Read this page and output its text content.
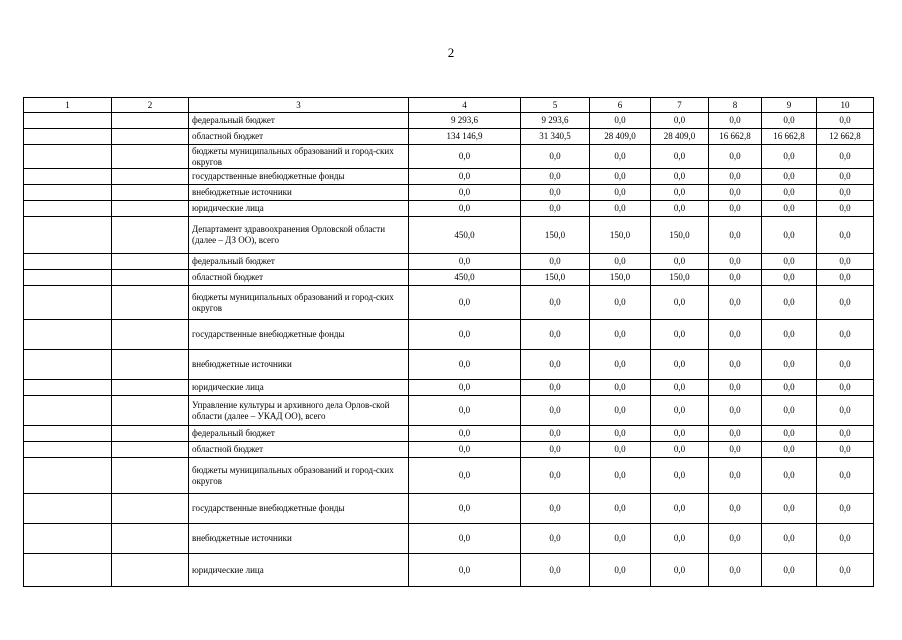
2
1	2	3	4	5	6	7	8	9	10
		федеральный бюджет	9 293,6	9 293,6	0,0	0,0	0,0	0,0	0,0
		областной бюджет	134 146,9	31 340,5	28 409,0	28 409,0	16 662,8	16 662,8	12 662,8
		бюджеты муниципальных образований и город-ских округов	0,0	0,0	0,0	0,0	0,0	0,0	0,0
		государственные внебюджетные фонды	0,0	0,0	0,0	0,0	0,0	0,0	0,0
		внебюджетные источники	0,0	0,0	0,0	0,0	0,0	0,0	0,0
		юридические лица	0,0	0,0	0,0	0,0	0,0	0,0	0,0
		Департамент здравоохранения Орловской области (далее – ДЗ ОО), всего	450,0	150,0	150,0	150,0	0,0	0,0	0,0
		федеральный бюджет	0,0	0,0	0,0	0,0	0,0	0,0	0,0
		областной бюджет	450,0	150,0	150,0	150,0	0,0	0,0	0,0
		бюджеты муниципальных образований и город-ских округов	0,0	0,0	0,0	0,0	0,0	0,0	0,0
		государственные внебюджетные фонды	0,0	0,0	0,0	0,0	0,0	0,0	0,0
		внебюджетные источники	0,0	0,0	0,0	0,0	0,0	0,0	0,0
		юридические лица	0,0	0,0	0,0	0,0	0,0	0,0	0,0
		Управление культуры и архивного дела Орлов-ской области (далее – УКАД ОО), всего	0,0	0,0	0,0	0,0	0,0	0,0	0,0
		федеральный бюджет	0,0	0,0	0,0	0,0	0,0	0,0	0,0
		областной бюджет	0,0	0,0	0,0	0,0	0,0	0,0	0,0
		бюджеты муниципальных образований и город-ских округов	0,0	0,0	0,0	0,0	0,0	0,0	0,0
		государственные внебюджетные фонды	0,0	0,0	0,0	0,0	0,0	0,0	0,0
		внебюджетные источники	0,0	0,0	0,0	0,0	0,0	0,0	0,0
		юридические лица	0,0	0,0	0,0	0,0	0,0	0,0	0,0
